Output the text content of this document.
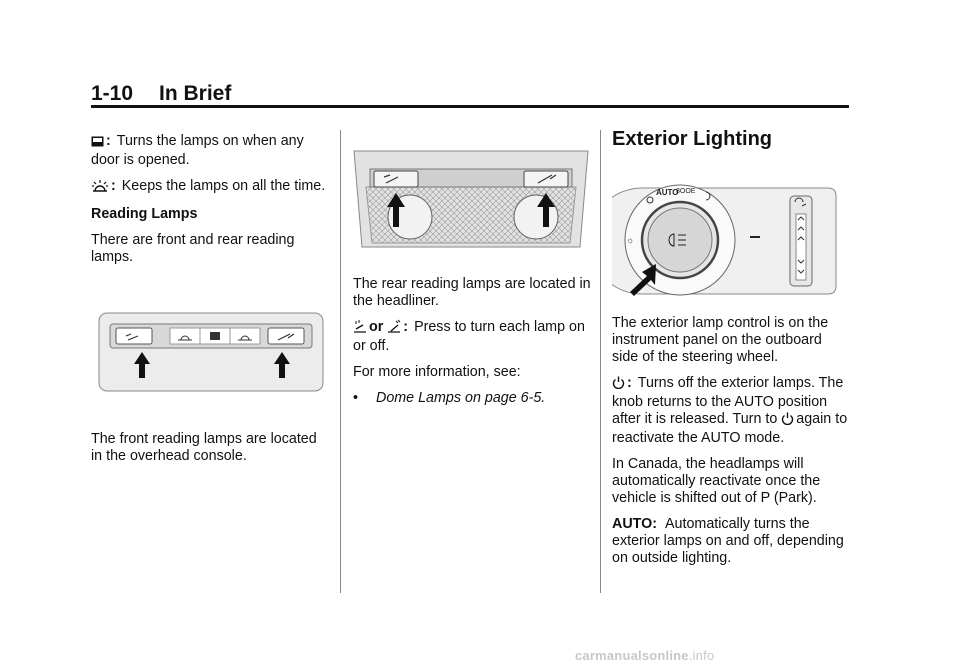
1-10 In Brief

: Turns the lamps on when any door is opened.

: Keeps the lamps on all the time.

Reading Lamps

There are front and rear reading lamps.

The front reading lamps are located in the overhead console.

The rear reading lamps are located in the headliner.

or : Press to turn each lamp on or off.

For more information, see:

• Dome Lamps on page 6-5.

Exterior Lighting
AUTO
3OOE
☼

The exterior lamp control is on the instrument panel on the outboard side of the steering wheel.

: Turns off the exterior lamps. The knob returns to the AUTO position after it is released. Turn to again to reactivate the AUTO mode.

In Canada, the headlamps will automatically reactivate once the vehicle is shifted out of P (Park).

AUTO: Automatically turns the exterior lamps on and off, depending on outside lighting.

carmanualsonline.info
